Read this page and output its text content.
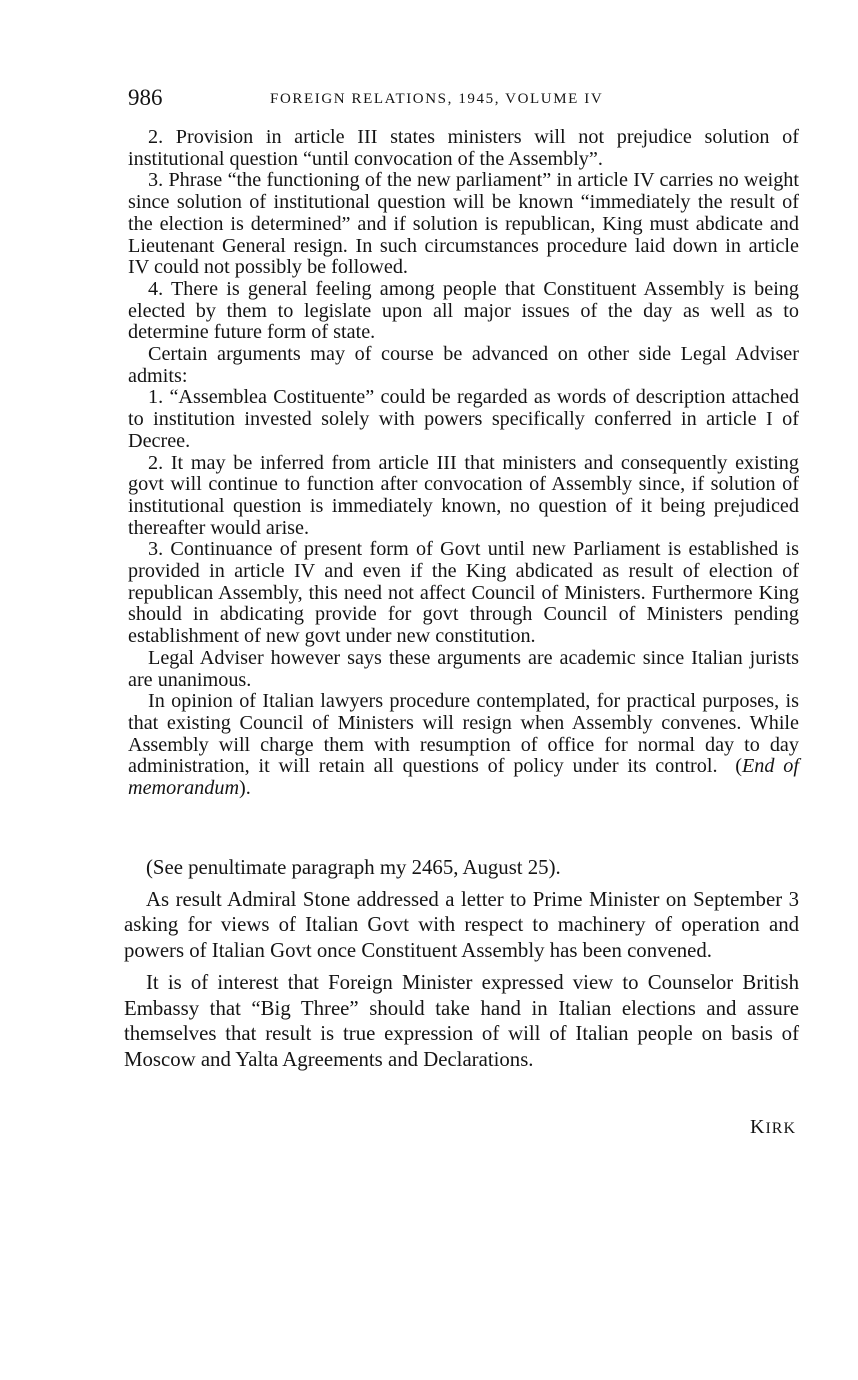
986	FOREIGN RELATIONS, 1945, VOLUME IV

2. Provision in article III states ministers will not prejudice solution of institutional question “until convocation of the Assembly”.

3. Phrase “the functioning of the new parliament” in article IV carries no weight since solution of institutional question will be known “immediately the result of the election is determined” and if solution is republican, King must abdicate and Lieutenant General resign. In such circumstances procedure laid down in article IV could not possibly be followed.

4. There is general feeling among people that Constituent Assembly is being elected by them to legislate upon all major issues of the day as well as to determine future form of state.

Certain arguments may of course be advanced on other side Legal Adviser admits:

1. “Assemblea Costituente” could be regarded as words of description attached to institution invested solely with powers specifically conferred in article I of Decree.

2. It may be inferred from article III that ministers and consequently existing govt will continue to function after convocation of Assembly since, if solution of institutional question is immediately known, no question of it being prejudiced thereafter would arise.

3. Continuance of present form of Govt until new Parliament is established is provided in article IV and even if the King abdicated as result of election of republican Assembly, this need not affect Council of Ministers. Furthermore King should in abdicating provide for govt through Council of Ministers pending establishment of new govt under new constitution.

Legal Adviser however says these arguments are academic since Italian jurists are unanimous.

In opinion of Italian lawyers procedure contemplated, for practical purposes, is that existing Council of Ministers will resign when Assembly convenes. While Assembly will charge them with resumption of office for normal day to day administration, it will retain all questions of policy under its control. (End of memorandum).

(See penultimate paragraph my 2465, August 25).

As result Admiral Stone addressed a letter to Prime Minister on September 3 asking for views of Italian Govt with respect to machinery of operation and powers of Italian Govt once Constituent Assembly has been convened.

It is of interest that Foreign Minister expressed view to Counselor British Embassy that “Big Three” should take hand in Italian elections and assure themselves that result is true expression of will of Italian people on basis of Moscow and Yalta Agreements and Declarations.

KIRK
